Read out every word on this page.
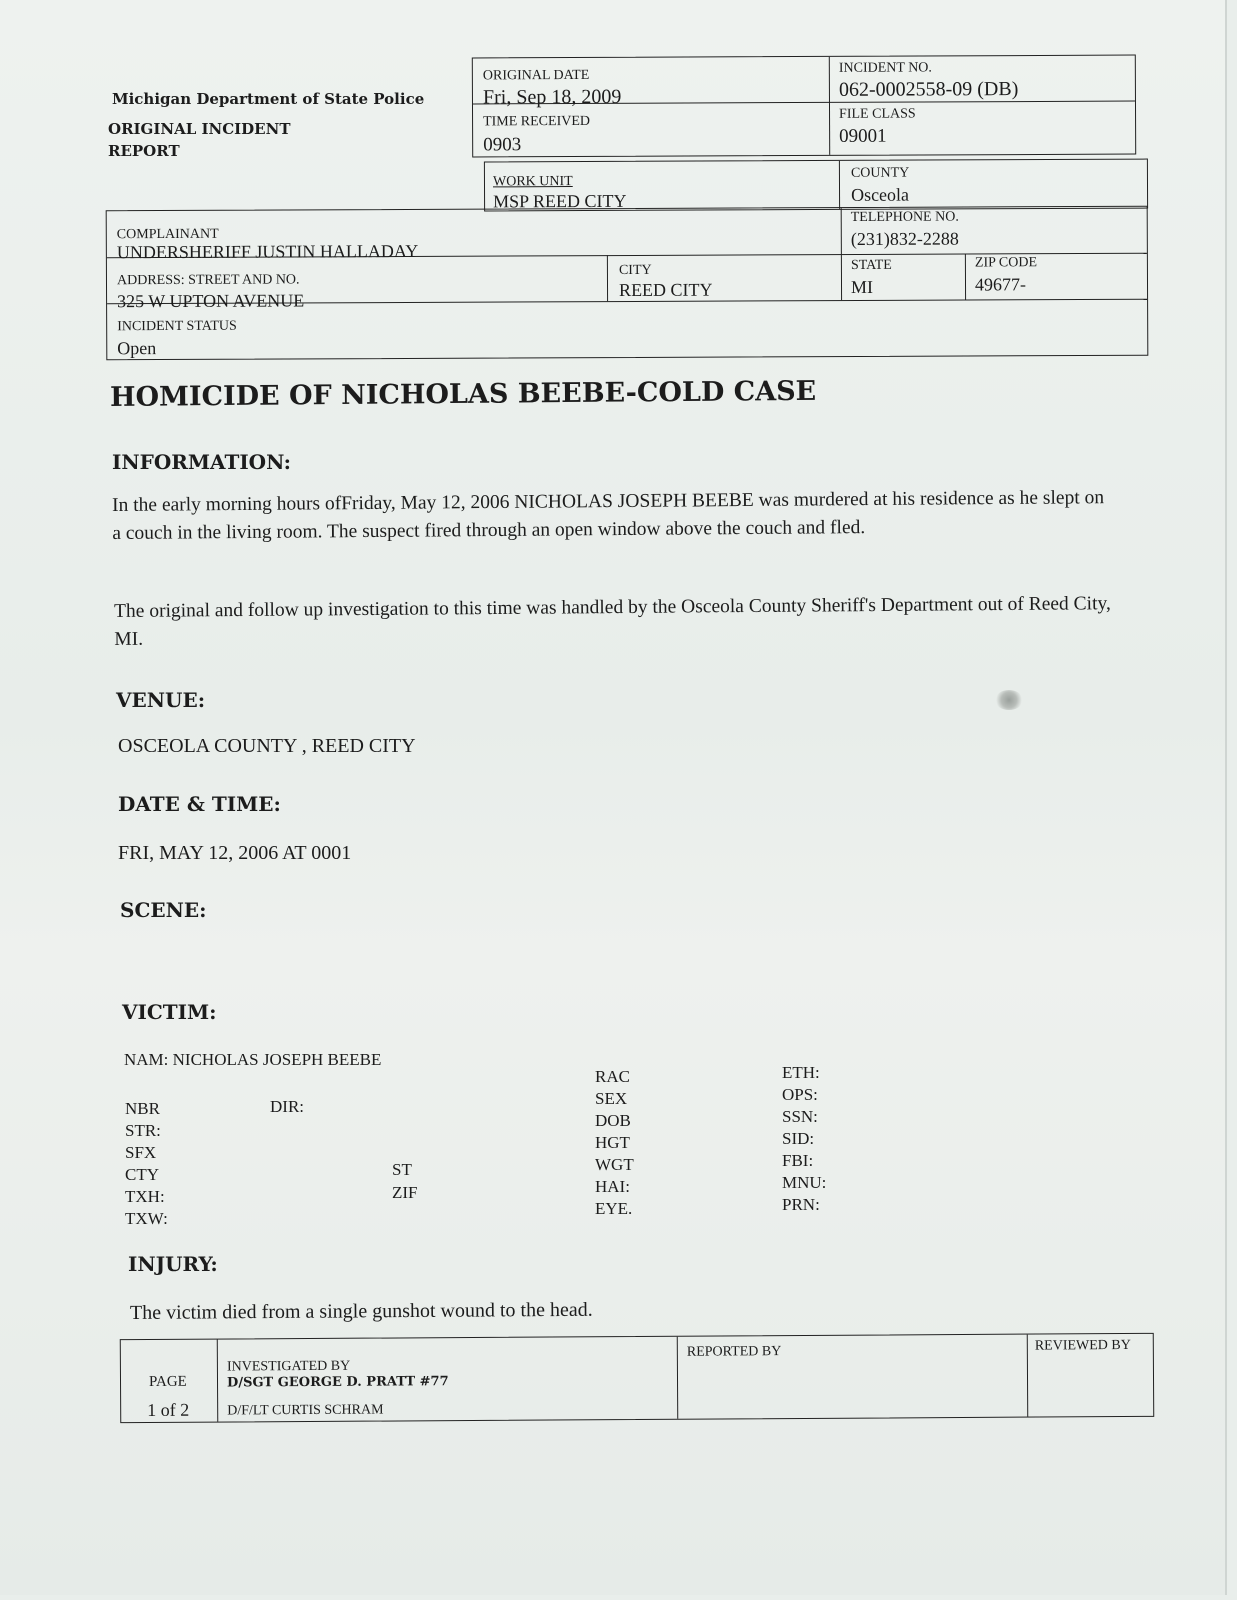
Michigan Department of State Police
ORIGINAL INCIDENT
REPORT
ORIGINAL DATE
Fri, Sep 18, 2009
TIME RECEIVED
0903
INCIDENT NO.
062-0002558-09 (DB)
FILE CLASS
09001
WORK UNIT
MSP REED CITY
COUNTY
Osceola
COMPLAINANT
UNDERSHERIFF JUSTIN HALLADAY
TELEPHONE NO.
(231)832-2288
ADDRESS: STREET AND NO.
325 W UPTON AVENUE
CITY
REED CITY
STATE
MI
ZIP CODE
49677-
INCIDENT STATUS
Open
HOMICIDE OF NICHOLAS BEEBE-COLD CASE
INFORMATION:
In the early morning hours ofFriday, May 12, 2006 NICHOLAS JOSEPH BEEBE was murdered at his residence as he slept on a couch in the living room. The suspect fired through an open window above the couch and fled.
The original and follow up investigation to this time was handled by the Osceola County Sheriff's Department out of Reed City, MI.
VENUE:
OSCEOLA COUNTY , REED CITY
DATE & TIME:
FRI, MAY 12, 2006 AT 0001
SCENE:
VICTIM:
NAM: NICHOLAS JOSEPH BEEBE
NBR
STR:
SFX
CTY
TXH:
TXW:
DIR:
ST
ZIF
RAC
SEX
DOB
HGT
WGT
HAI:
EYE.
ETH:
OPS:
SSN:
SID:
FBI:
MNU:
PRN:
INJURY:
The victim died from a single gunshot wound to the head.
PAGE
1 of 2
INVESTIGATED BY
D/SGT GEORGE D. PRATT #77
D/F/LT CURTIS SCHRAM
REPORTED BY	REVIEWED BY
